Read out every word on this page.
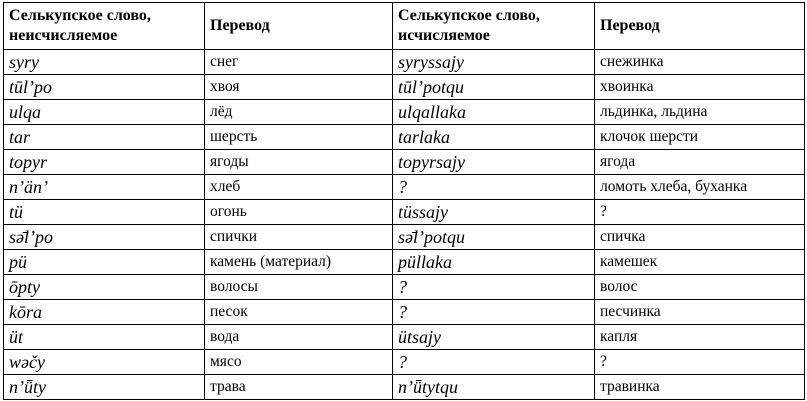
Селькупское слово, неисчисляемое	Перевод	Селькупское слово, исчисляемое	Перевод
syry	снег	syryssajy	снежинка
tūl’po	хвоя	tūl’potqu	хвоинка
ulqa	лёд	ulqallaka	льдинка, льдина
tar	шерсть	tarlaka	клочок шерсти
topyr	ягоды	topyrsajy	ягода
n’än’	хлеб	?	ломоть хлеба, буханка
tü	огонь	tüssajy	?
sə̄l’po	спички	sə̄l’potqu	спичка
pü	камень (материал)	püllaka	камешек
ōpty	волосы	?	волос
kōra	песок	?	песчинка
üt	вода	ütsajy	капля
wəčy	мясо	?	?
n’ǖty	трава	n’ǖtytqu	травинка
